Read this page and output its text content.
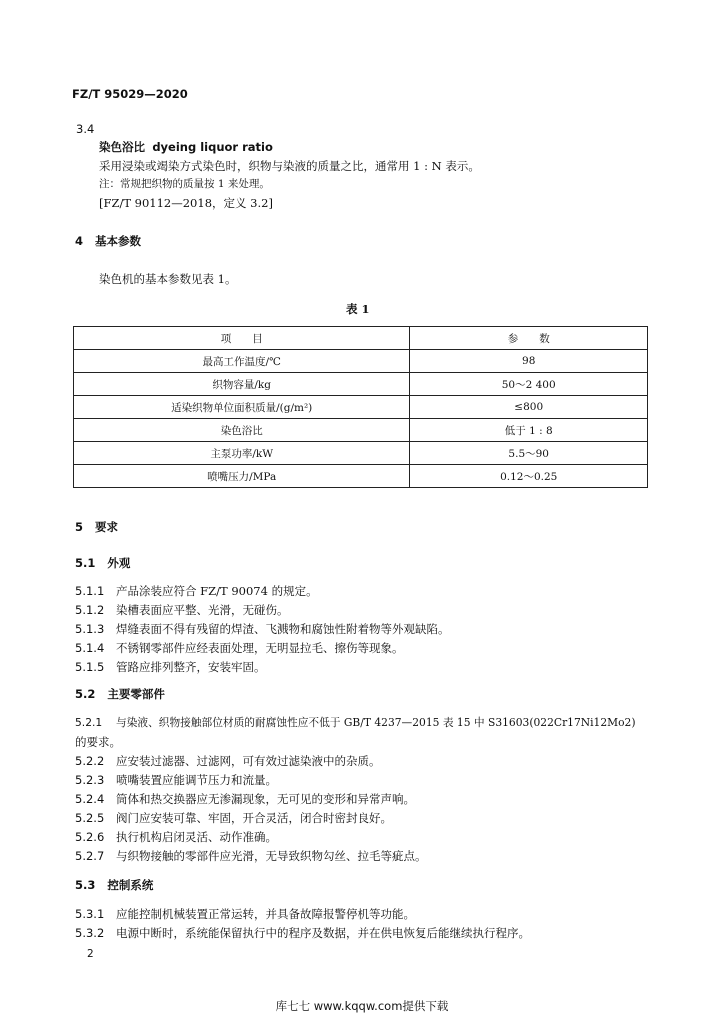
FZ/T 95029—2020
3.4
染色浴比 dyeing liquor ratio
采用浸染或竭染方式染色时，织物与染液的质量之比，通常用 1 : N 表示。
注：常规把织物的质量按 1 来处理。
[FZ/T 90112—2018，定义 3.2]
4 基本参数
染色机的基本参数见表 1。
表 1
项　　目	参　　数
最高工作温度/℃	98
织物容量/kg	50～2 400
适染织物单位面积质量/(g/m²)	≤800
染色浴比	低于 1 : 8
主泵功率/kW	5.5～90
喷嘴压力/MPa	0.12～0.25
5 要求
5.1 外观
5.1.1 产品涂装应符合 FZ/T 90074 的规定。
5.1.2 染槽表面应平整、光滑，无碰伤。
5.1.3 焊缝表面不得有残留的焊渣、飞溅物和腐蚀性附着物等外观缺陷。
5.1.4 不锈钢零部件应经表面处理，无明显拉毛、擦伤等现象。
5.1.5 管路应排列整齐，安装牢固。
5.2 主要零部件
5.2.1 与染液、织物接触部位材质的耐腐蚀性应不低于 GB/T 4237—2015 表 15 中 S31603(022Cr17Ni12Mo2)
的要求。
5.2.2 应安装过滤器、过滤网，可有效过滤染液中的杂质。
5.2.3 喷嘴装置应能调节压力和流量。
5.2.4 筒体和热交换器应无渗漏现象，无可见的变形和异常声响。
5.2.5 阀门应安装可靠、牢固，开合灵活，闭合时密封良好。
5.2.6 执行机构启闭灵活、动作准确。
5.2.7 与织物接触的零部件应光滑，无导致织物勾丝、拉毛等疵点。
5.3 控制系统
5.3.1 应能控制机械装置正常运转，并具备故障报警停机等功能。
5.3.2 电源中断时，系统能保留执行中的程序及数据，并在供电恢复后能继续执行程序。
2
库七七 www.kqqw.com提供下载
